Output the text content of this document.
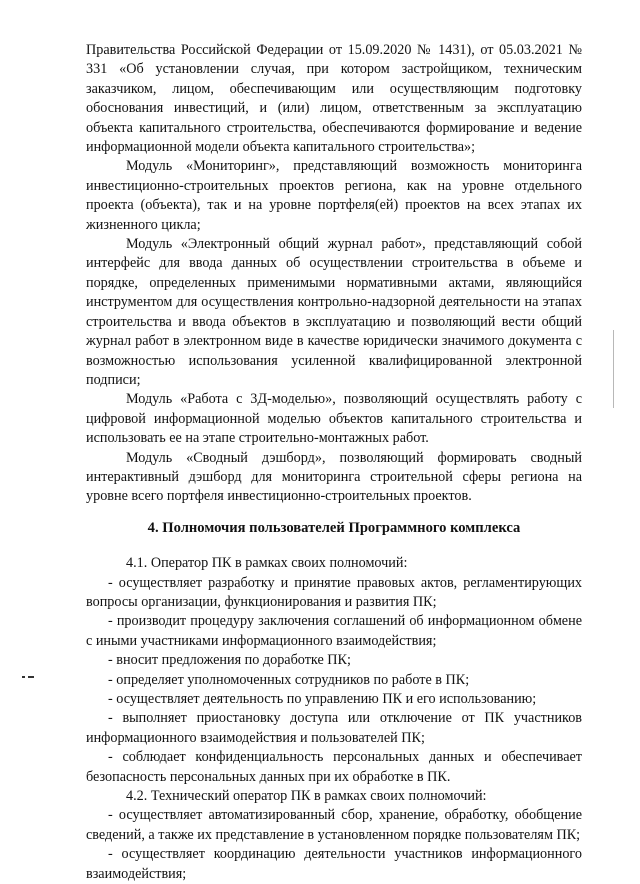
Правительства Российской Федерации от 15.09.2020 № 1431), от 05.03.2021 № 331 «Об установлении случая, при котором застройщиком, техническим заказчиком, лицом, обеспечивающим или осуществляющим подготовку обоснования инвестиций, и (или) лицом, ответственным за эксплуатацию объекта капитального строительства, обеспечиваются формирование и ведение информационной модели объекта капитального строительства»;

Модуль «Мониторинг», представляющий возможность мониторинга инвестиционно-строительных проектов региона, как на уровне отдельного проекта (объекта), так и на уровне портфеля(ей) проектов на всех этапах их жизненного цикла;

Модуль «Электронный общий журнал работ», представляющий собой интерфейс для ввода данных об осуществлении строительства в объеме и порядке, определенных применимыми нормативными актами, являющийся инструментом для осуществления контрольно-надзорной деятельности на этапах строительства и ввода объектов в эксплуатацию и позволяющий вести общий журнал работ в электронном виде в качестве юридически значимого документа с возможностью использования усиленной квалифицированной электронной подписи;

Модуль «Работа с 3Д-моделью», позволяющий осуществлять работу с цифровой информационной моделью объектов капитального строительства и использовать ее на этапе строительно-монтажных работ.

Модуль «Сводный дэшборд», позволяющий формировать сводный интерактивный дэшборд для мониторинга строительной сферы региона на уровне всего портфеля инвестиционно-строительных проектов.

4. Полномочия пользователей Программного комплекса

4.1. Оператор ПК в рамках своих полномочий:

- осуществляет разработку и принятие правовых актов, регламентирующих вопросы организации, функционирования и развития ПК;

- производит процедуру заключения соглашений об информационном обмене с иными участниками информационного взаимодействия;

- вносит предложения по доработке ПК;

- определяет уполномоченных сотрудников по работе в ПК;

- осуществляет деятельность по управлению ПК и его использованию;

- выполняет приостановку доступа или отключение от ПК участников информационного взаимодействия и пользователей ПК;

- соблюдает конфиденциальность персональных данных и обеспечивает безопасность персональных данных при их обработке в ПК.

4.2. Технический оператор ПК в рамках своих полномочий:

- осуществляет автоматизированный сбор, хранение, обработку, обобщение сведений, а также их представление в установленном порядке пользователям ПК;

- осуществляет координацию деятельности участников информационного взаимодействия;
